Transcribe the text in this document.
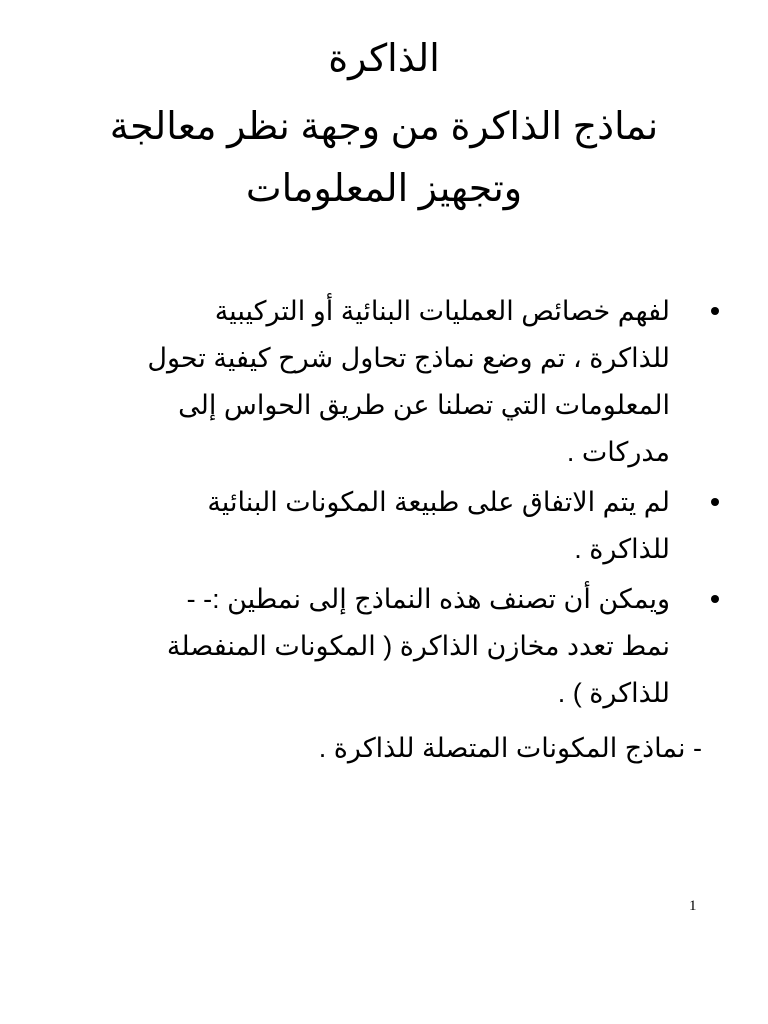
الذاكرة
نماذج الذاكرة من وجهة نظر معالجة
وتجهيز المعلومات
لفهم خصائص العمليات البنائية أو التركيبية
للذاكرة ، تم وضع نماذج تحاول شرح كيفية تحول
المعلومات التي تصلنا عن طريق الحواس إلى
مدركات .
لم يتم الاتفاق على طبيعة المكونات البنائية
للذاكرة .
ويمكن أن تصنف هذه النماذج إلى نمطين :- -
نمط تعدد مخازن الذاكرة ( المكونات المنفصلة
للذاكرة ) .
- نماذج المكونات المتصلة للذاكرة .
1
